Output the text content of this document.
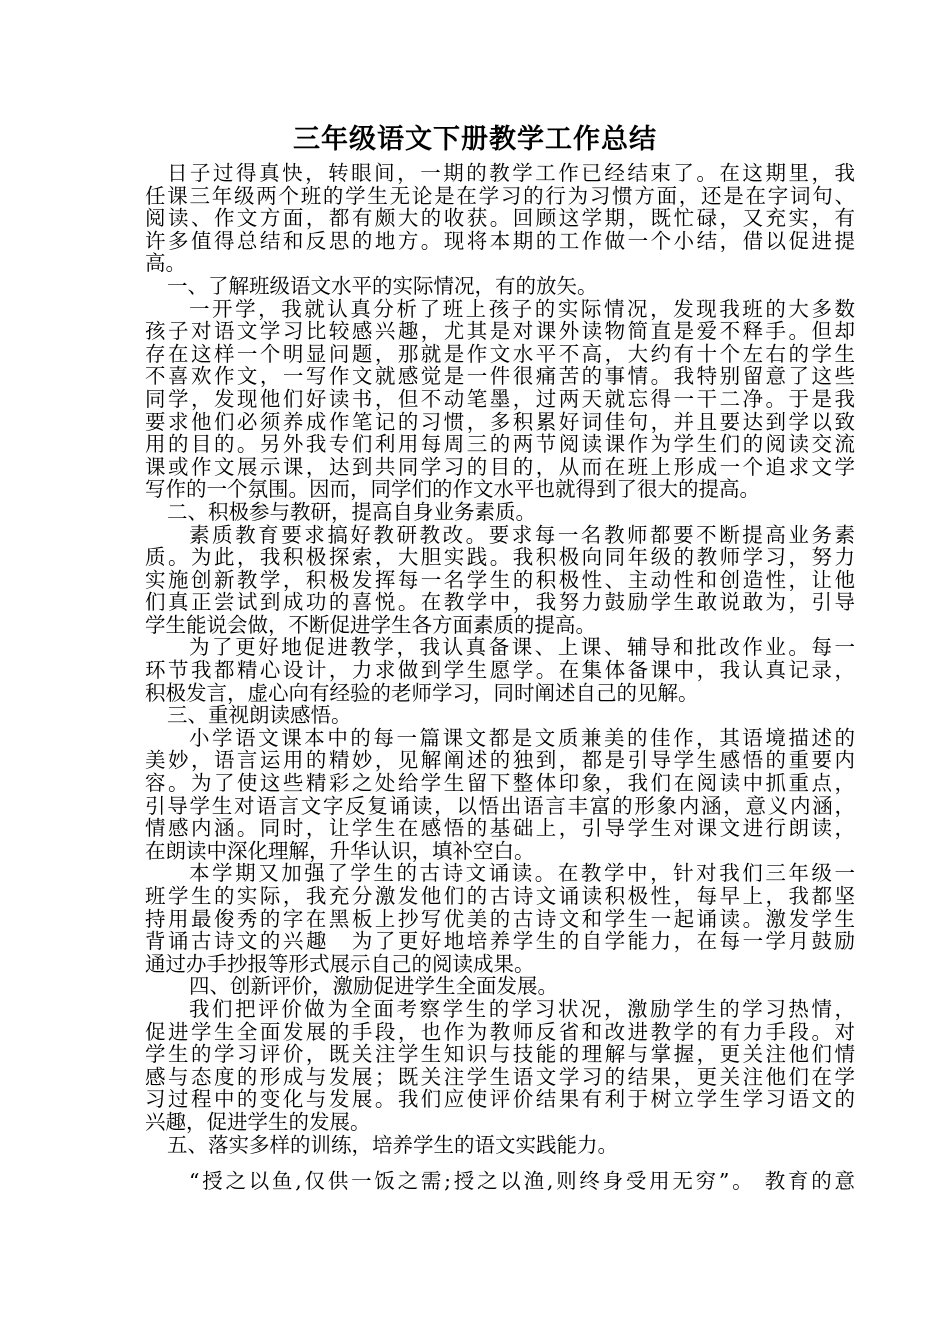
三年级语文下册教学工作总结
日子过得真快，转眼间，一期的教学工作已经结束了。在这期里，我
任课三年级两个班的学生无论是在学习的行为习惯方面，还是在字词句、
阅读、作文方面，都有颇大的收获。回顾这学期，既忙碌，又充实，有
许多值得总结和反思的地方。现将本期的工作做一个小结，借以促进提
高。
一、了解班级语文水平的实际情况，有的放矢。
一开学，我就认真分析了班上孩子的实际情况，发现我班的大多数
孩子对语文学习比较感兴趣，尤其是对课外读物简直是爱不释手。但却
存在这样一个明显问题，那就是作文水平不高，大约有十个左右的学生
不喜欢作文，一写作文就感觉是一件很痛苦的事情。我特别留意了这些
同学，发现他们好读书，但不动笔墨，过两天就忘得一干二净。于是我
要求他们必须养成作笔记的习惯，多积累好词佳句，并且要达到学以致
用的目的。另外我专们利用每周三的两节阅读课作为学生们的阅读交流
课或作文展示课，达到共同学习的目的，从而在班上形成一个追求文学
写作的一个氛围。因而，同学们的作文水平也就得到了很大的提高。
二、积极参与教研，提高自身业务素质。
素质教育要求搞好教研教改。要求每一名教师都要不断提高业务素
质。为此，我积极探索，大胆实践。我积极向同年级的教师学习，努力
实施创新教学，积极发挥每一名学生的积极性、主动性和创造性，让他
们真正尝试到成功的喜悦。在教学中，我努力鼓励学生敢说敢为，引导
学生能说会做，不断促进学生各方面素质的提高。
为了更好地促进教学，我认真备课、上课、辅导和批改作业。每一
环节我都精心设计，力求做到学生愿学。在集体备课中，我认真记录，
积极发言，虚心向有经验的老师学习，同时阐述自己的见解。
三、重视朗读感悟。
小学语文课本中的每一篇课文都是文质兼美的佳作，其语境描述的
美妙，语言运用的精妙，见解阐述的独到，都是引导学生感悟的重要内
容。为了使这些精彩之处给学生留下整体印象，我们在阅读中抓重点，
引导学生对语言文字反复诵读，以悟出语言丰富的形象内涵，意义内涵，
情感内涵。同时，让学生在感悟的基础上，引导学生对课文进行朗读，
在朗读中深化理解，升华认识，填补空白。
本学期又加强了学生的古诗文诵读。在教学中，针对我们三年级一
班学生的实际，我充分激发他们的古诗文诵读积极性，每早上，我都坚
持用最俊秀的字在黑板上抄写优美的古诗文和学生一起诵读。激发学生
背诵古诗文的兴趣　为了更好地培养学生的自学能力，在每一学月鼓励
通过办手抄报等形式展示自己的阅读成果。
四、创新评价，激励促进学生全面发展。
我们把评价做为全面考察学生的学习状况，激励学生的学习热情，
促进学生全面发展的手段，也作为教师反省和改进教学的有力手段。对
学生的学习评价，既关注学生知识与技能的理解与掌握，更关注他们情
感与态度的形成与发展；既关注学生语文学习的结果，更关注他们在学
习过程中的变化与发展。我们应使评价结果有利于树立学生学习语文的
兴趣，促进学生的发展。
五、落实多样的训练，培养学生的语文实践能力。
“授之以鱼,仅供一饭之需;授之以渔,则终身受用无穷”。 教育的意
